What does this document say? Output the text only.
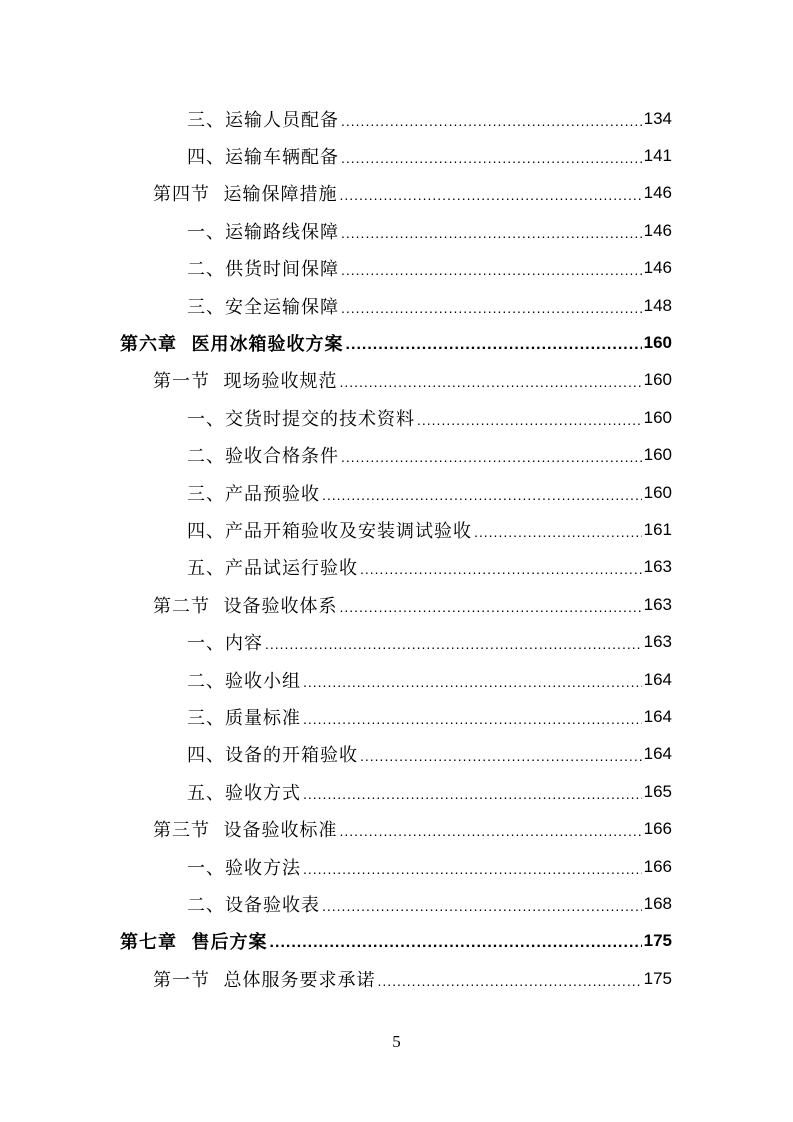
三、运输人员配备 .....	134
四、运输车辆配备 .....	141
第四节  运输保障措施 .....	146
一、运输路线保障 .....	146
二、供货时间保障 .....	146
三、安全运输保障 .....	148
第六章  医用冰箱验收方案 .....	160
第一节  现场验收规范 .....	160
一、交货时提交的技术资料 .....	160
二、验收合格条件 .....	160
三、产品预验收 .....	160
四、产品开箱验收及安装调试验收 .....	161
五、产品试运行验收 .....	163
第二节  设备验收体系 .....	163
一、内容 .....	163
二、验收小组 .....	164
三、质量标准 .....	164
四、设备的开箱验收 .....	164
五、验收方式 .....	165
第三节  设备验收标准 .....	166
一、验收方法 .....	166
二、设备验收表 .....	168
第七章  售后方案 .....	175
第一节  总体服务要求承诺 .....	175
5
